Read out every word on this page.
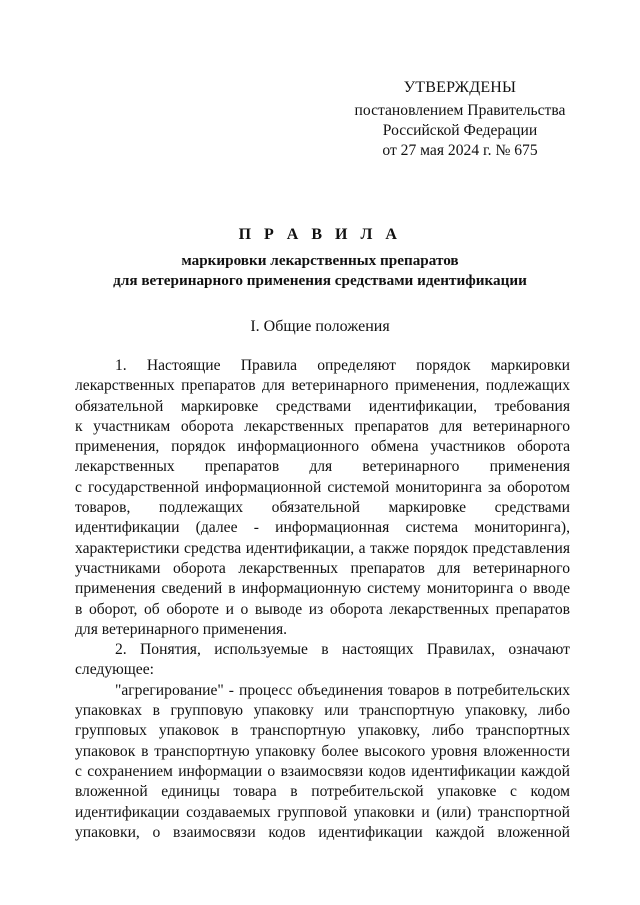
УТВЕРЖДЕНЫ
постановлением Правительства
Российской Федерации
от 27 мая 2024 г. № 675
П Р А В И Л А
маркировки лекарственных препаратов
для ветеринарного применения средствами идентификации
I. Общие положения
1. Настоящие Правила определяют порядок маркировки
лекарственных препаратов для ветеринарного применения, подлежащих
обязательной маркировке средствами идентификации, требования
к участникам оборота лекарственных препаратов для ветеринарного
применения, порядок информационного обмена участников оборота
лекарственных препаратов для ветеринарного применения
с государственной информационной системой мониторинга за оборотом
товаров, подлежащих обязательной маркировке средствами
идентификации (далее - информационная система мониторинга),
характеристики средства идентификации, а также порядок представления
участниками оборота лекарственных препаратов для ветеринарного
применения сведений в информационную систему мониторинга о вводе
в оборот, об обороте и о выводе из оборота лекарственных препаратов
для ветеринарного применения.
2. Понятия, используемые в настоящих Правилах, означают
следующее:
"агрегирование" - процесс объединения товаров в потребительских
упаковках в групповую упаковку или транспортную упаковку, либо
групповых упаковок в транспортную упаковку, либо транспортных
упаковок в транспортную упаковку более высокого уровня вложенности
с сохранением информации о взаимосвязи кодов идентификации каждой
вложенной единицы товара в потребительской упаковке с кодом
идентификации создаваемых групповой упаковки и (или) транспортной
упаковки, о взаимосвязи кодов идентификации каждой вложенной
